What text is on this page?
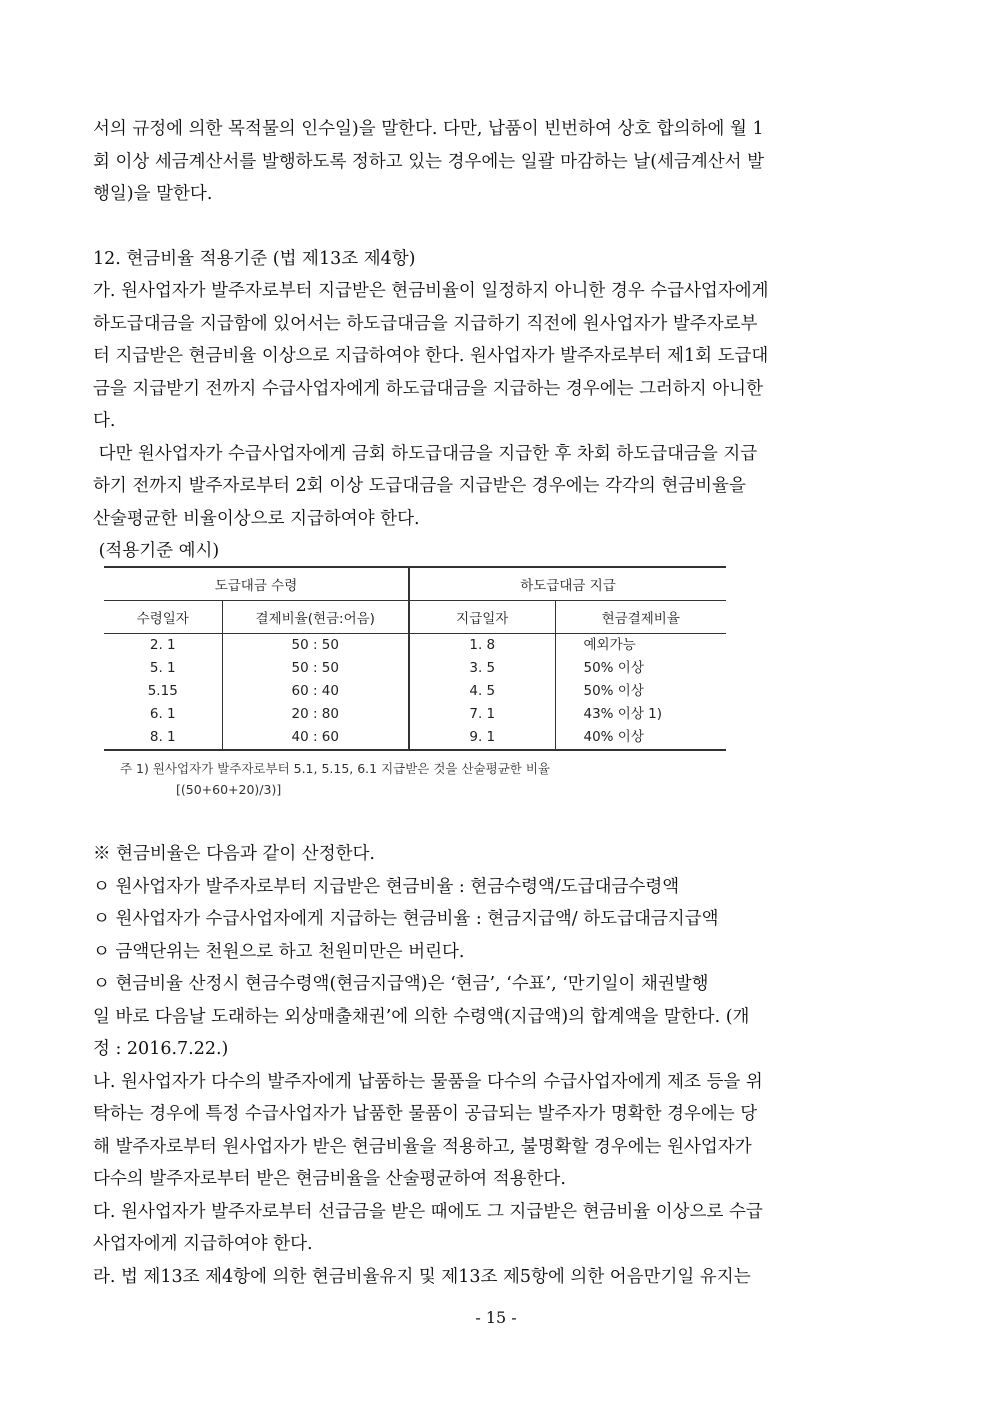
서의 규정에 의한 목적물의 인수일)을 말한다. 다만, 납품이 빈번하여 상호 합의하에 월 1

회 이상 세금계산서를 발행하도록 정하고 있는 경우에는 일괄 마감하는 날(세금계산서 발

행일)을 말한다.

12. 현금비율 적용기준 (법 제13조 제4항)

가. 원사업자가 발주자로부터 지급받은 현금비율이 일정하지 아니한 경우 수급사업자에게

하도급대금을 지급함에 있어서는 하도급대금을 지급하기 직전에 원사업자가 발주자로부

터 지급받은 현금비율 이상으로 지급하여야 한다. 원사업자가 발주자로부터 제1회 도급대

금을 지급받기 전까지 수급사업자에게 하도급대금을 지급하는 경우에는 그러하지 아니한

다.

다만 원사업자가 수급사업자에게 금회 하도급대금을 지급한 후 차회 하도급대금을 지급

하기 전까지 발주자로부터 2회 이상 도급대금을 지급받은 경우에는 각각의 현금비율을

산술평균한 비율이상으로 지급하여야 한다.

(적용기준 예시)

도급대금 수령		하도급대금 지급	
수령일자	결제비율(현금:어음)	지급일자	현금결제비율
2. 1	50 : 50	1. 8	예외가능
5. 1	50 : 50	3. 5	50% 이상
5.15	60 : 40	4. 5	50% 이상
6. 1	20 : 80	7. 1	43% 이상 1)
8. 1	40 : 60	9. 1	40% 이상
주 1) 원사업자가 발주자로부터 5.1, 5.15, 6.1 지급받은 것을 산술평균한 비율
[(50+60+20)/3)]

※ 현금비율은 다음과 같이 산정한다.

ㅇ 원사업자가 발주자로부터 지급받은 현금비율 : 현금수령액/도급대금수령액

ㅇ 원사업자가 수급사업자에게 지급하는 현금비율 : 현금지급액/ 하도급대금지급액

ㅇ 금액단위는 천원으로 하고 천원미만은 버린다.

ㅇ 현금비율 산정시 현금수령액(현금지급액)은 ‘현금’, ‘수표’, ‘만기일이 채권발행

일 바로 다음날 도래하는 외상매출채권’에 의한 수령액(지급액)의 합계액을 말한다. (개

정 : 2016.7.22.)

나. 원사업자가 다수의 발주자에게 납품하는 물품을 다수의 수급사업자에게 제조 등을 위

탁하는 경우에 특정 수급사업자가 납품한 물품이 공급되는 발주자가 명확한 경우에는 당

해 발주자로부터 원사업자가 받은 현금비율을 적용하고, 불명확할 경우에는 원사업자가

다수의 발주자로부터 받은 현금비율을 산술평균하여 적용한다.

다. 원사업자가 발주자로부터 선급금을 받은 때에도 그 지급받은 현금비율 이상으로 수급

사업자에게 지급하여야 한다.

라. 법 제13조 제4항에 의한 현금비율유지 및 제13조 제5항에 의한 어음만기일 유지는

- 15 -
